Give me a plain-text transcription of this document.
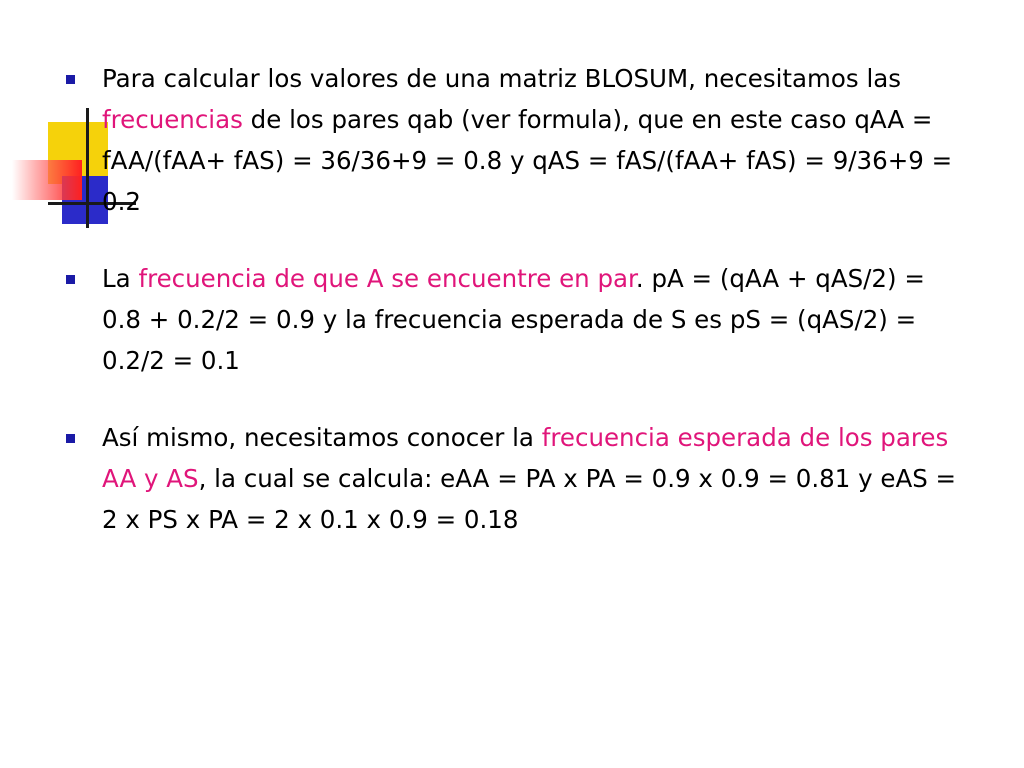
Para calcular los valores de una matriz BLOSUM, necesitamos las frecuencias de los pares qab (ver formula), que en este caso qAA = fAA/(fAA+ fAS) = 36/36+9 = 0.8 y qAS = fAS/(fAA+ fAS) = 9/36+9 = 0.2
La frecuencia de que A se encuentre en par. pA = (qAA + qAS/2) = 0.8 + 0.2/2 = 0.9 y la frecuencia esperada de S es pS = (qAS/2) = 0.2/2 = 0.1
Así mismo, necesitamos conocer la frecuencia esperada de los pares AA y AS, la cual se calcula: eAA = PA x PA = 0.9 x 0.9 = 0.81 y eAS = 2 x PS x PA = 2 x 0.1 x 0.9 = 0.18
